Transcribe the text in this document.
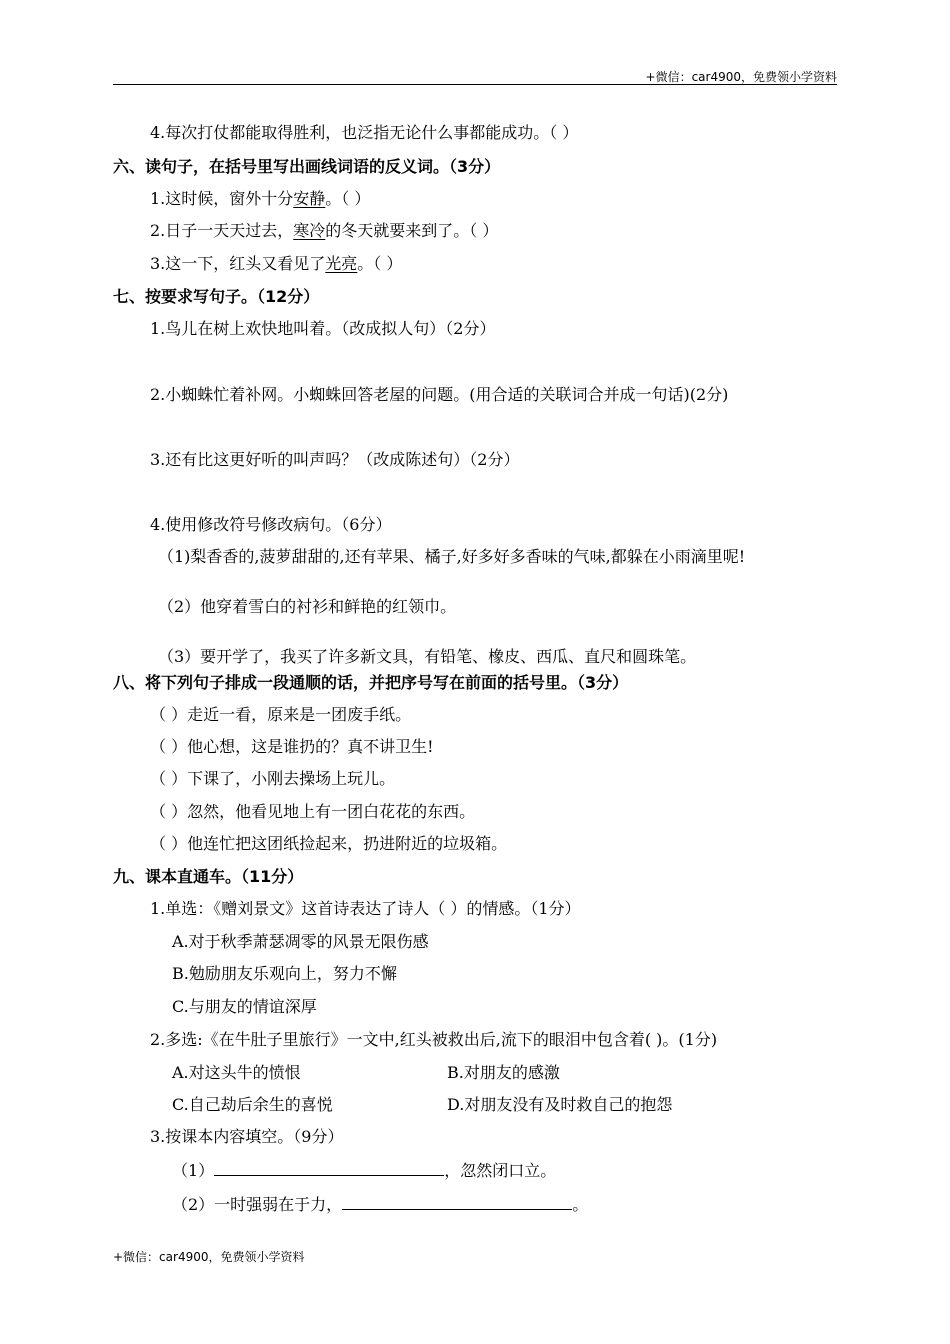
+微信：car4900，免费领小学资料
4.每次打仗都能取得胜利，也泛指无论什么事都能成功。（ ）
六、读句子，在括号里写出画线词语的反义词。（3分）
1.这时候，窗外十分安静。（ ）
2.日子一天天过去，寒冷的冬天就要来到了。（ ）
3.这一下，红头又看见了光亮。（ ）
七、按要求写句子。（12分）
1.鸟儿在树上欢快地叫着。（改成拟人句）（2分）
2.小蜘蛛忙着补网。小蜘蛛回答老屋的问题。(用合适的关联词合并成一句话)(2分)
3.还有比这更好听的叫声吗？（改成陈述句）（2分）
4.使用修改符号修改病句。（6分）
（1)梨香香的,菠萝甜甜的,还有苹果、橘子,好多好多香味的气味,都躲在小雨滴里呢!
（2）他穿着雪白的衬衫和鲜艳的红领巾。
（3）要开学了，我买了许多新文具，有铅笔、橡皮、西瓜、直尺和圆珠笔。
八、将下列句子排成一段通顺的话，并把序号写在前面的括号里。（3分）
（ ）走近一看，原来是一团废手纸。
（ ）他心想，这是谁扔的？真不讲卫生!
（ ）下课了，小刚去操场上玩儿。
（ ）忽然，他看见地上有一团白花花的东西。
（ ）他连忙把这团纸捡起来，扔进附近的垃圾箱。
九、课本直通车。（11分）
1.单选：《赠刘景文》这首诗表达了诗人（ ）的情感。（1分）
A.对于秋季萧瑟凋零的风景无限伤感
B.勉励朋友乐观向上，努力不懈
C.与朋友的情谊深厚
2.多选:《在牛肚子里旅行》一文中,红头被救出后,流下的眼泪中包含着( )。(1分)
A.对这头牛的愤恨	B.对朋友的感激
C.自己劫后余生的喜悦	D.对朋友没有及时救自己的抱怨
3.按课本内容填空。（9分）
（1）	，忽然闭口立。
（2）一时强弱在于力，	。
+微信：car4900，免费领小学资料
